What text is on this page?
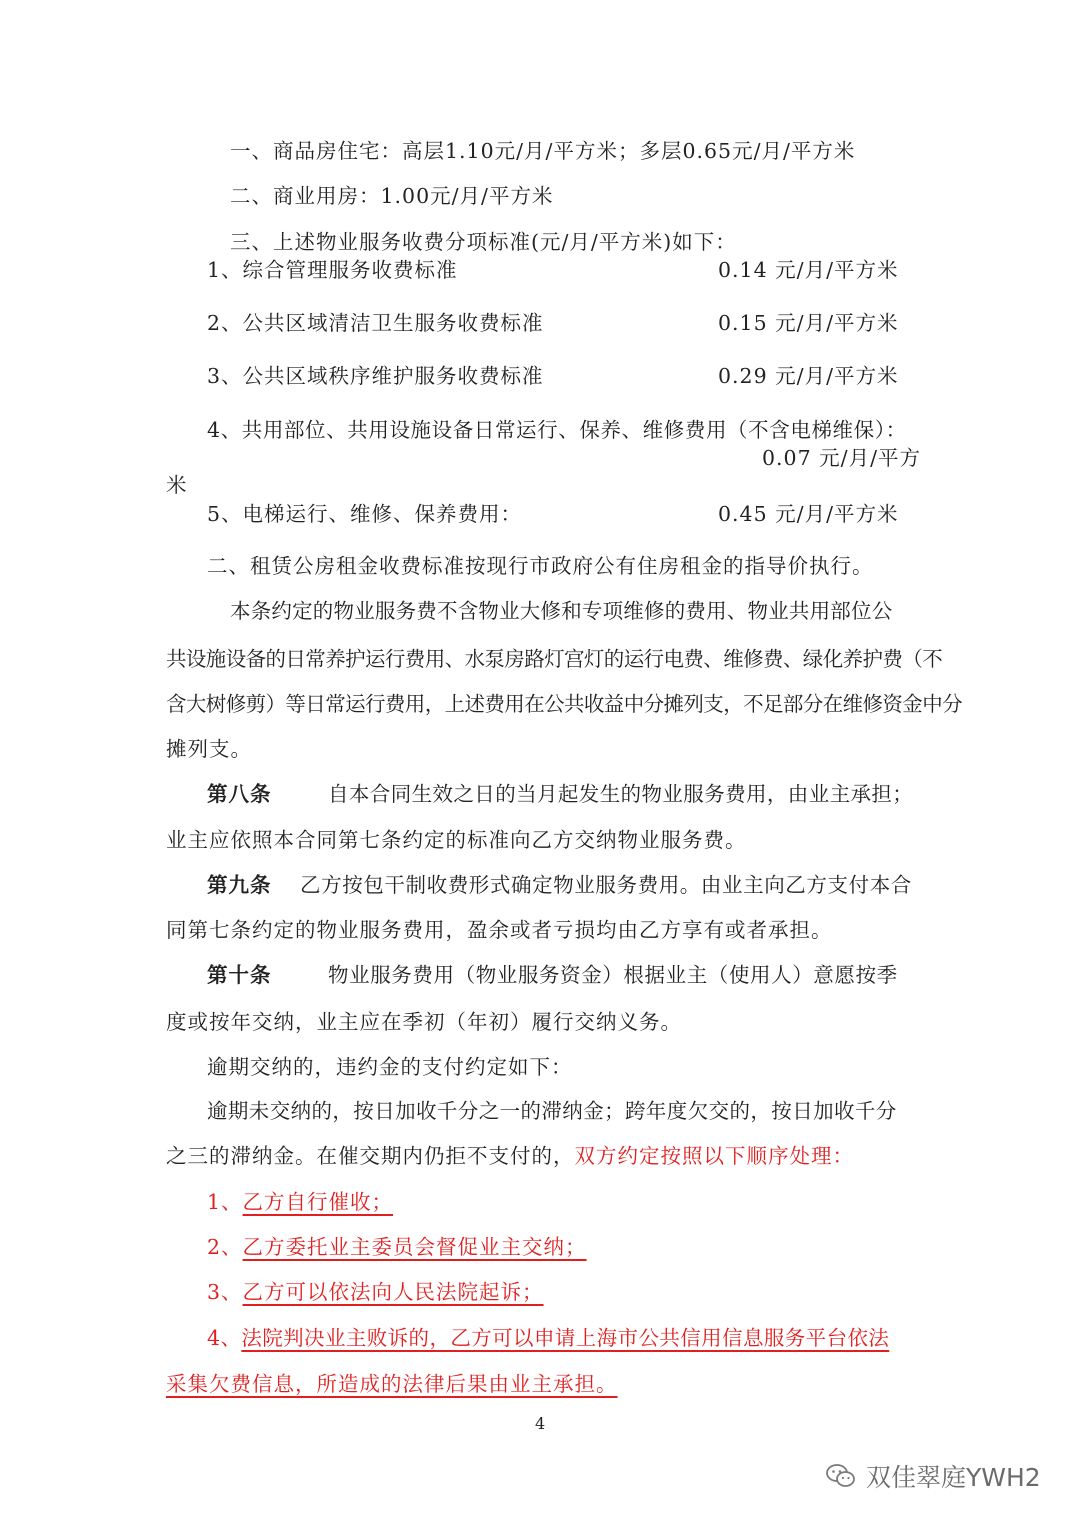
一、商品房住宅：高层1.10元/月/平方米；多层0.65元/月/平方米
二、商业用房：1.00元/月/平方米
三、上述物业服务收费分项标准(元/月/平方米)如下：
1、综合管理服务收费标准	0.14 元/月/平方米
2、公共区域清洁卫生服务收费标准	0.15 元/月/平方米
3、公共区域秩序维护服务收费标准	0.29 元/月/平方米
4、共用部位、共用设施设备日常运行、保养、维修费用（不含电梯维保）：
0.07 元/月/平方
米
5、电梯运行、维修、保养费用：	0.45 元/月/平方米
二、租赁公房租金收费标准按现行市政府公有住房租金的指导价执行。
本条约定的物业服务费不含物业大修和专项维修的费用、物业共用部位公
共设施设备的日常养护运行费用、水泵房路灯宫灯的运行电费、维修费、绿化养护费（不
含大树修剪）等日常运行费用，上述费用在公共收益中分摊列支，不足部分在维修资金中分
摊列支。
第八条	自本合同生效之日的当月起发生的物业服务费用，由业主承担；
业主应依照本合同第七条约定的标准向乙方交纳物业服务费。
第九条 乙方按包干制收费形式确定物业服务费用。由业主向乙方支付本合
同第七条约定的物业服务费用，盈余或者亏损均由乙方享有或者承担。
第十条	物业服务费用（物业服务资金）根据业主（使用人）意愿按季
度或按年交纳，业主应在季初（年初）履行交纳义务。
逾期交纳的，违约金的支付约定如下：
逾期未交纳的，按日加收千分之一的滞纳金；跨年度欠交的，按日加收千分
之三的滞纳金。在催交期内仍拒不支付的，双方约定按照以下顺序处理：
1、乙方自行催收；
2、乙方委托业主委员会督促业主交纳；
3、乙方可以依法向人民法院起诉；
4、法院判决业主败诉的，乙方可以申请上海市公共信用信息服务平台依法
采集欠费信息，所造成的法律后果由业主承担。
4
双佳翠庭YWH2
